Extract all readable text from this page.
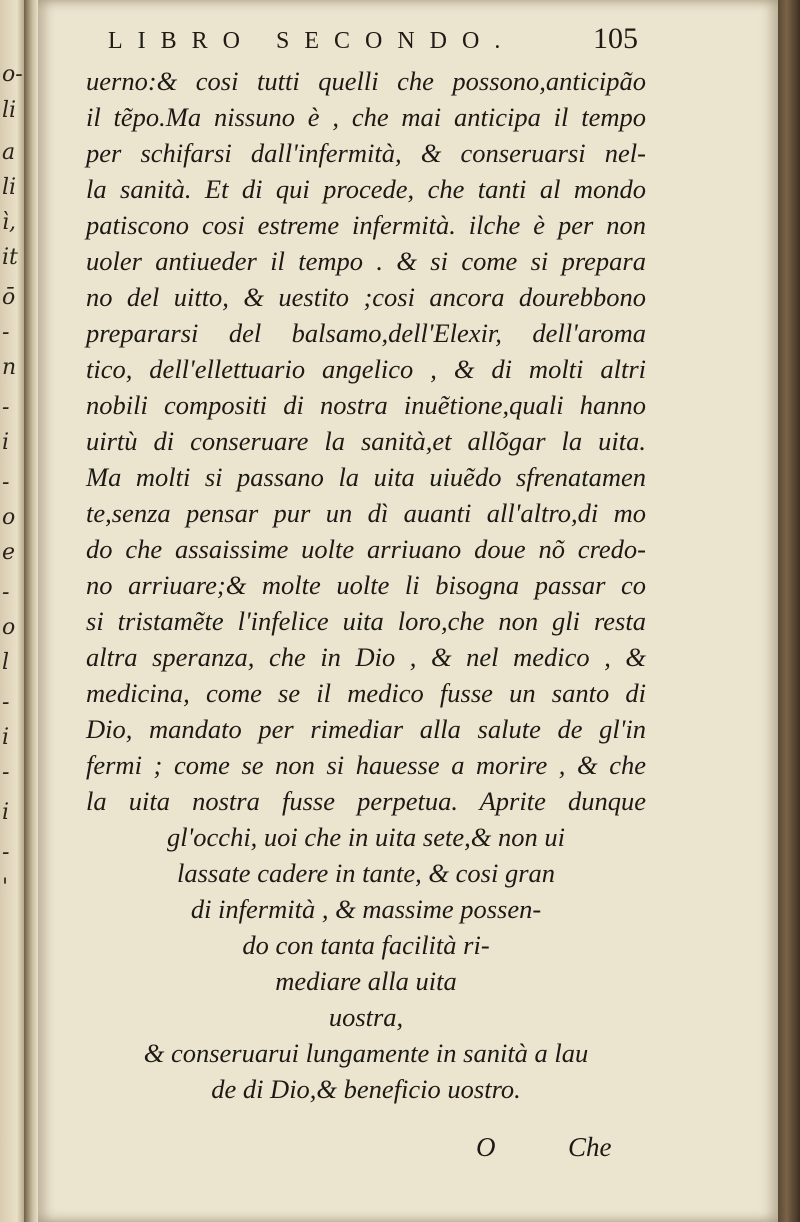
o-
li
a
li
ì,
it
ō
-
n
-
i
-
o
e
-
o
l
-
i
-
i
-
'
LIBRO SECONDO.	105
uerno:& cosi tutti quelli che possono,anticipão
il tẽpo.Ma nissuno è , che mai anticipa il tempo
per schifarsi dall'infermità, & conseruarsi nel-
la sanità. Et di qui procede, che tanti al mondo
patiscono cosi estreme infermità. ilche è per non
uoler antiueder il tempo . & si come si prepara
no del uitto, & uestito ;cosi ancora dourebbono
prepararsi del balsamo,dell'Elexir, dell'aroma
tico, dell'ellettuario angelico , & di molti altri
nobili compositi di nostra inuẽtione,quali hanno
uirtù di conseruare la sanità,et allõgar la uita.
Ma molti si passano la uita uiuẽdo sfrenatamen
te,senza pensar pur un dì auanti all'altro,di mo
do che assaissime uolte arriuano doue nõ credo-
no arriuare;& molte uolte li bisogna passar co
si tristamẽte l'infelice uita loro,che non gli resta
altra speranza, che in Dio , & nel medico , &
medicina, come se il medico fusse un santo di
Dio, mandato per rimediar alla salute de gl'in
fermi ; come se non si hauesse a morire , & che
la uita nostra fusse perpetua. Aprite dunque
gl'occhi, uoi che in uita sete,& non ui
lassate cadere in tante, & cosi gran
di infermità , & massime possen-
do con tanta facilità ri-
mediare alla uita
uostra,
& conseruarui lungamente in sanità a lau
de di Dio,& beneficio uostro.
O	Che
